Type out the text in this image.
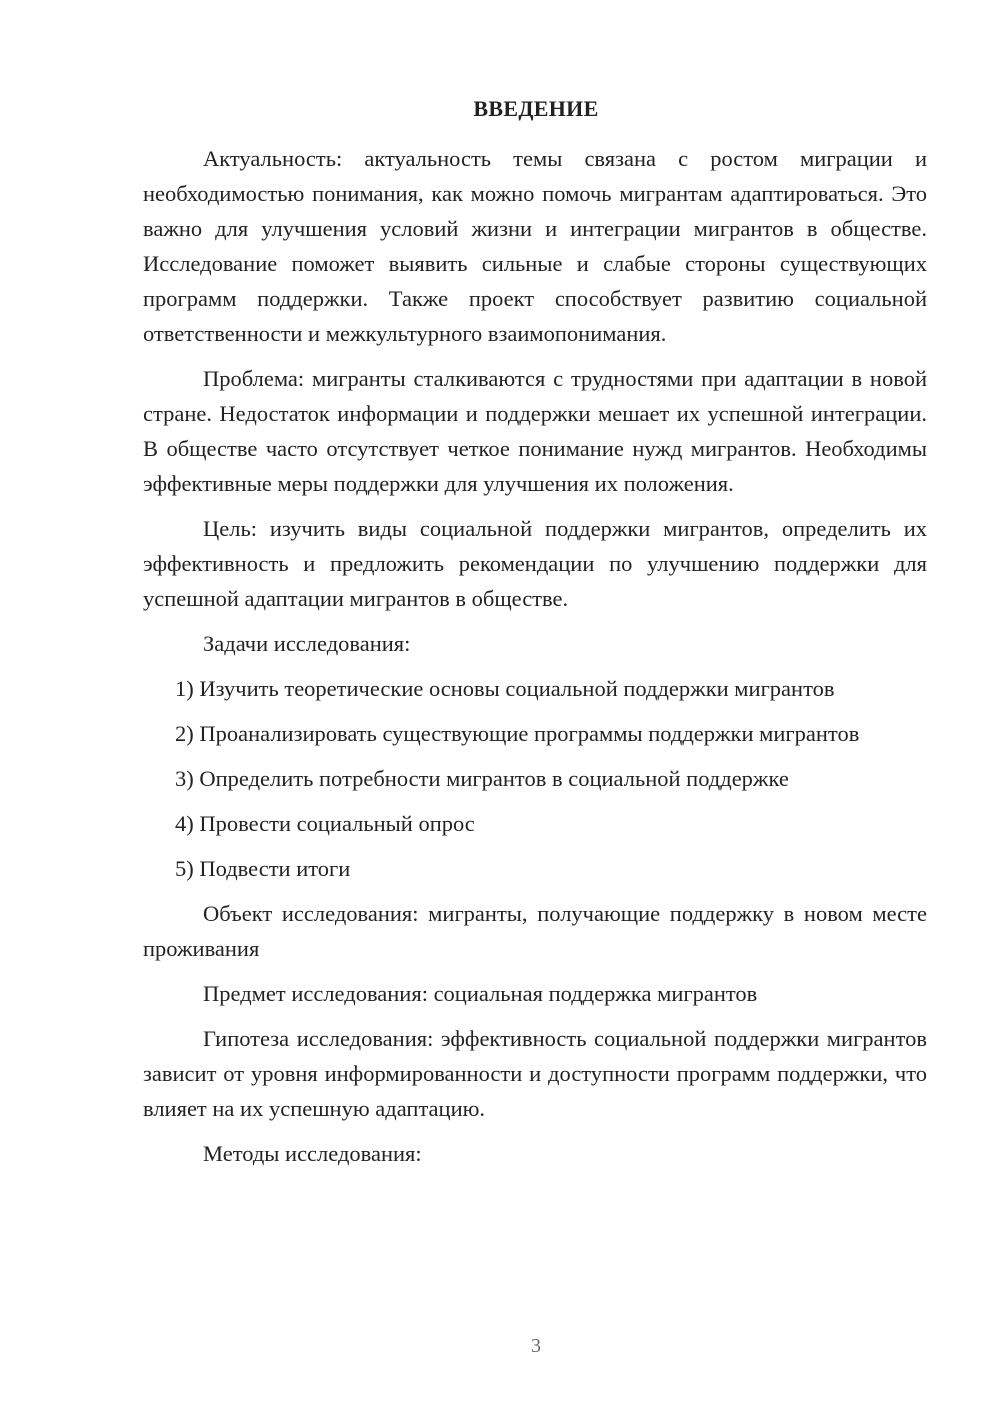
ВВЕДЕНИЕ

Актуальность: актуальность темы связана с ростом миграции и необходимостью понимания, как можно помочь мигрантам адаптироваться. Это важно для улучшения условий жизни и интеграции мигрантов в обществе. Исследование поможет выявить сильные и слабые стороны существующих программ поддержки. Также проект способствует развитию социальной ответственности и межкультурного взаимопонимания.

Проблема: мигранты сталкиваются с трудностями при адаптации в новой стране. Недостаток информации и поддержки мешает их успешной интеграции. В обществе часто отсутствует четкое понимание нужд мигрантов. Необходимы эффективные меры поддержки для улучшения их положения.

Цель: изучить виды социальной поддержки мигрантов, определить их эффективность и предложить рекомендации по улучшению поддержки для успешной адаптации мигрантов в обществе.

Задачи исследования:

1) Изучить теоретические основы социальной поддержки мигрантов

2) Проанализировать существующие программы поддержки мигрантов

3) Определить потребности мигрантов в социальной поддержке

4) Провести социальный опрос

5) Подвести итоги

Объект исследования: мигранты, получающие поддержку в новом месте проживания

Предмет исследования: социальная поддержка мигрантов

Гипотеза исследования: эффективность социальной поддержки мигрантов зависит от уровня информированности и доступности программ поддержки, что влияет на их успешную адаптацию.

Методы исследования:

3
